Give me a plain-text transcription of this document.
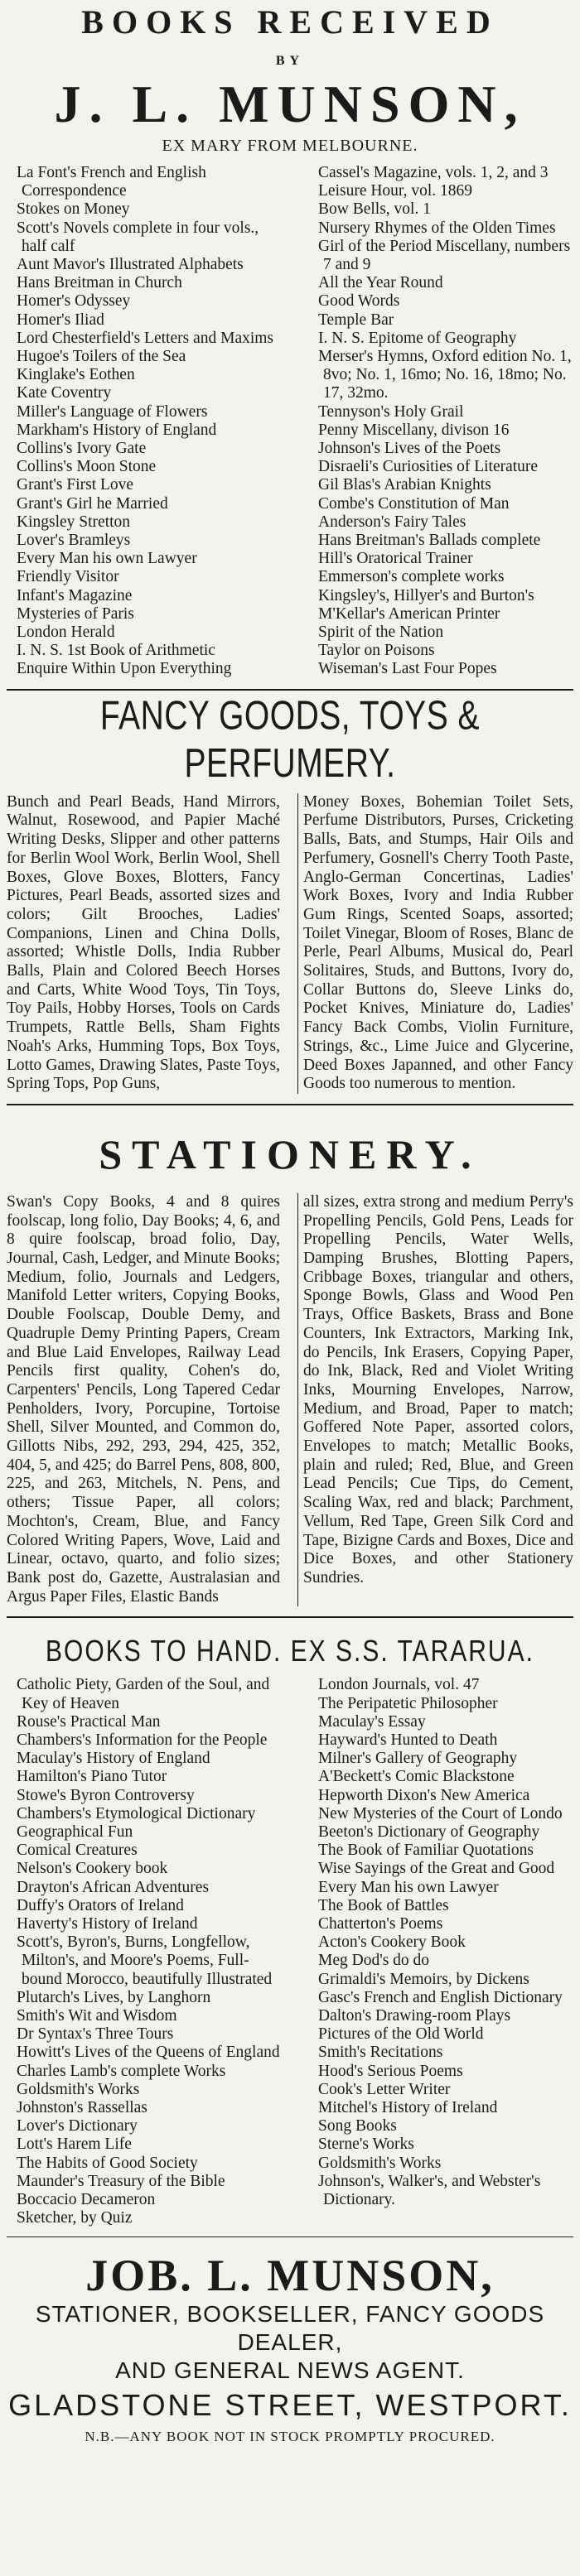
BOOKS RECEIVED
BY
J. L. MUNSON,
EX MARY FROM MELBOURNE.
La Font's French and English Correspondence
Stokes on Money
Scott's Novels complete in four vols., half calf
Aunt Mavor's Illustrated Alphabets
Hans Breitman in Church
Homer's Odyssey
Homer's Iliad
Lord Chesterfield's Letters and Maxims
Hugoe's Toilers of the Sea
Kinglake's Eothen
Kate Coventry
Miller's Language of Flowers
Markham's History of England
Collins's Ivory Gate
Collins's Moon Stone
Grant's First Love
Grant's Girl he Married
Kingsley Stretton
Lover's Bramleys
Every Man his own Lawyer
Friendly Visitor
Infant's Magazine
Mysteries of Paris
London Herald
I. N. S. 1st Book of Arithmetic
Enquire Within Upon Everything
Cassel's Magazine, vols. 1, 2, and 3
Leisure Hour, vol. 1869
Bow Bells, vol. 1
Nursery Rhymes of the Olden Times
Girl of the Period Miscellany, numbers 7 and 9
All the Year Round
Good Words
Temple Bar
I. N. S. Epitome of Geography
Merser's Hymns, Oxford edition No. 1, 8vo; No. 1, 16mo; No. 16, 18mo; No. 17, 32mo.
Tennyson's Holy Grail
Penny Miscellany, divison 16
Johnson's Lives of the Poets
Disraeli's Curiosities of Literature
Gil Blas's Arabian Knights
Combe's Constitution of Man
Anderson's Fairy Tales
Hans Breitman's Ballads complete
Hill's Oratorical Trainer
Emmerson's complete works
Kingsley's, Hillyer's and Burton's
M'Kellar's American Printer
Spirit of the Nation
Taylor on Poisons
Wiseman's Last Four Popes
FANCY GOODS, TOYS & PERFUMERY.
Bunch and Pearl Beads, Hand Mirrors, Walnut, Rosewood, and Papier Maché Writing Desks, Slipper and other patterns for Berlin Wool Work, Berlin Wool, Shell Boxes, Glove Boxes, Blotters, Fancy Pictures, Pearl Beads, assorted sizes and colors; Gilt Brooches, Ladies' Companions, Linen and China Dolls, assorted; Whistle Dolls, India Rubber Balls, Plain and Colored Beech Horses and Carts, White Wood Toys, Tin Toys, Toy Pails, Hobby Horses, Tools on Cards Trumpets, Rattle Bells, Sham Fights Noah's Arks, Humming Tops, Box Toys, Lotto Games, Drawing Slates, Paste Toys, Spring Tops, Pop Guns,
Money Boxes, Bohemian Toilet Sets, Perfume Distributors, Purses, Cricketing Balls, Bats, and Stumps, Hair Oils and Perfumery, Gosnell's Cherry Tooth Paste, Anglo-German Concertinas, Ladies' Work Boxes, Ivory and India Rubber Gum Rings, Scented Soaps, assorted; Toilet Vinegar, Bloom of Roses, Blanc de Perle, Pearl Albums, Musical do, Pearl Solitaires, Studs, and Buttons, Ivory do, Collar Buttons do, Sleeve Links do, Pocket Knives, Miniature do, Ladies' Fancy Back Combs, Violin Furniture, Strings, &c., Lime Juice and Glycerine, Deed Boxes Japanned, and other Fancy Goods too numerous to mention.
STATIONERY.
Swan's Copy Books, 4 and 8 quires foolscap, long folio, Day Books; 4, 6, and 8 quire foolscap, broad folio, Day, Journal, Cash, Ledger, and Minute Books; Medium, folio, Journals and Ledgers, Manifold Letter writers, Copying Books, Double Foolscap, Double Demy, and Quadruple Demy Printing Papers, Cream and Blue Laid Envelopes, Railway Lead Pencils first quality, Cohen's do, Carpenters' Pencils, Long Tapered Cedar Penholders, Ivory, Porcupine, Tortoise Shell, Silver Mounted, and Common do, Gillotts Nibs, 292, 293, 294, 425, 352, 404, 5, and 425; do Barrel Pens, 808, 800, 225, and 263, Mitchels, N. Pens, and others; Tissue Paper, all colors; Mochton's, Cream, Blue, and Fancy Colored Writing Papers, Wove, Laid and Linear, octavo, quarto, and folio sizes; Bank post do, Gazette, Australasian and Argus Paper Files, Elastic Bands
all sizes, extra strong and medium Perry's Propelling Pencils, Gold Pens, Leads for Propelling Pencils, Water Wells, Damping Brushes, Blotting Papers, Cribbage Boxes, triangular and others, Sponge Bowls, Glass and Wood Pen Trays, Office Baskets, Brass and Bone Counters, Ink Extractors, Marking Ink, do Pencils, Ink Erasers, Copying Paper, do Ink, Black, Red and Violet Writing Inks, Mourning Envelopes, Narrow, Medium, and Broad, Paper to match; Goffered Note Paper, assorted colors, Envelopes to match; Metallic Books, plain and ruled; Red, Blue, and Green Lead Pencils; Cue Tips, do Cement, Scaling Wax, red and black; Parchment, Vellum, Red Tape, Green Silk Cord and Tape, Bizigne Cards and Boxes, Dice and Dice Boxes, and other Stationery Sundries.
BOOKS TO HAND. EX S.S. TARARUA.
Catholic Piety, Garden of the Soul, and Key of Heaven
Rouse's Practical Man
Chambers's Information for the People
Maculay's History of England
Hamilton's Piano Tutor
Stowe's Byron Controversy
Chambers's Etymological Dictionary
Geographical Fun
Comical Creatures
Nelson's Cookery book
Drayton's African Adventures
Duffy's Orators of Ireland
Haverty's History of Ireland
Scott's, Byron's, Burns, Longfellow, Milton's, and Moore's Poems, Full-bound Morocco, beautifully Illustrated
Plutarch's Lives, by Langhorn
Smith's Wit and Wisdom
Dr Syntax's Three Tours
Howitt's Lives of the Queens of England
Charles Lamb's complete Works
Goldsmith's Works
Johnston's Rassellas
Lover's Dictionary
Lott's Harem Life
The Habits of Good Society
Maunder's Treasury of the Bible
Boccacio Decameron
Sketcher, by Quiz
London Journals, vol. 47
The Peripatetic Philosopher
Maculay's Essay
Hayward's Hunted to Death
Milner's Gallery of Geography
A'Beckett's Comic Blackstone
Hepworth Dixon's New America
New Mysteries of the Court of Londo
Beeton's Dictionary of Geography
The Book of Familiar Quotations
Wise Sayings of the Great and Good
Every Man his own Lawyer
The Book of Battles
Chatterton's Poems
Acton's Cookery Book
Meg Dod's do do
Grimaldi's Memoirs, by Dickens
Gasc's French and English Dictionary
Dalton's Drawing-room Plays
Pictures of the Old World
Smith's Recitations
Hood's Serious Poems
Cook's Letter Writer
Mitchel's History of Ireland
Song Books
Sterne's Works
Goldsmith's Works
Johnson's, Walker's, and Webster's Dictionary.
JOB. L. MUNSON,
STATIONER, BOOKSELLER, FANCY GOODS DEALER,
AND GENERAL NEWS AGENT.
GLADSTONE STREET, WESTPORT.
N.B.—ANY BOOK NOT IN STOCK PROMPTLY PROCURED.
